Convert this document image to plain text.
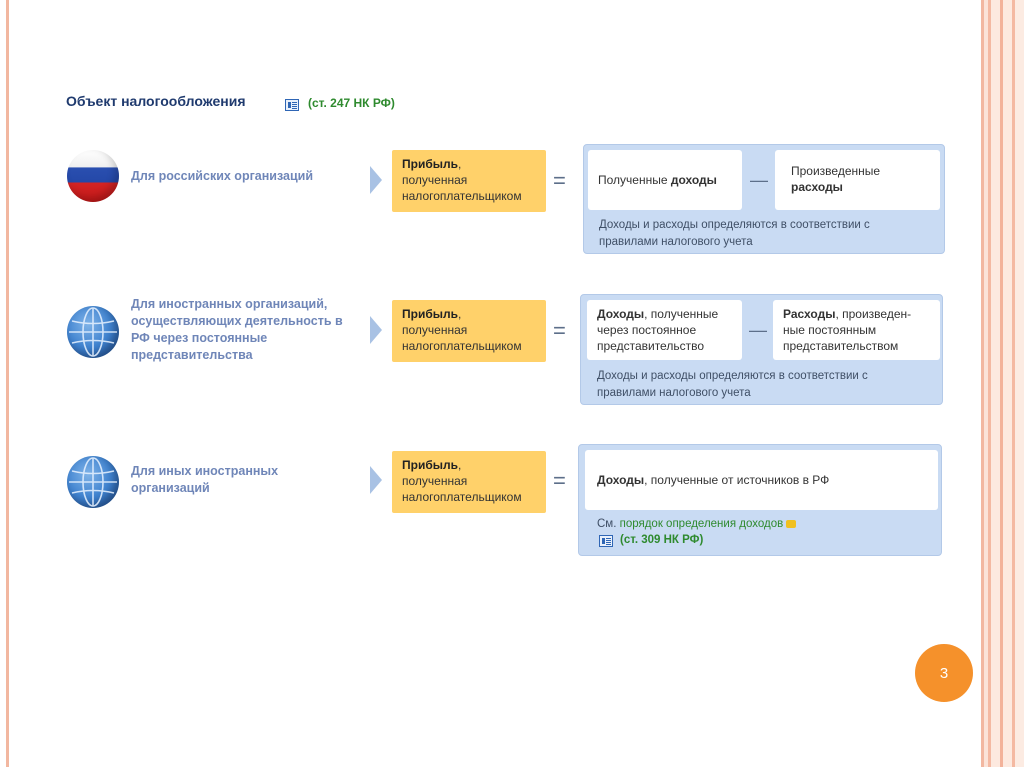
Объект налогообложения	(ст. 247 НК РФ)
Для российских организаций
Прибыль,
полученная
налогоплательщиком
=	Полученные доходы	—	Произведенные
расходы
Доходы и расходы определяются в соответствии с правилами налогового учета
Для иностранных организаций, осуществляющих деятельность в РФ через постоянные представительства
Прибыль,
полученная
налогоплательщиком
=
Доходы, полученные
через постоянное
представительство
—
Расходы, произведен-
ные постоянным
представительством
Доходы и расходы определяются в соответствии с правилами налогового учета
Для иных иностранных организаций
Прибыль,
полученная
налогоплательщиком
=	Доходы, полученные от источников в РФ
См. порядок определения доходов
(ст. 309 НК РФ)
3
